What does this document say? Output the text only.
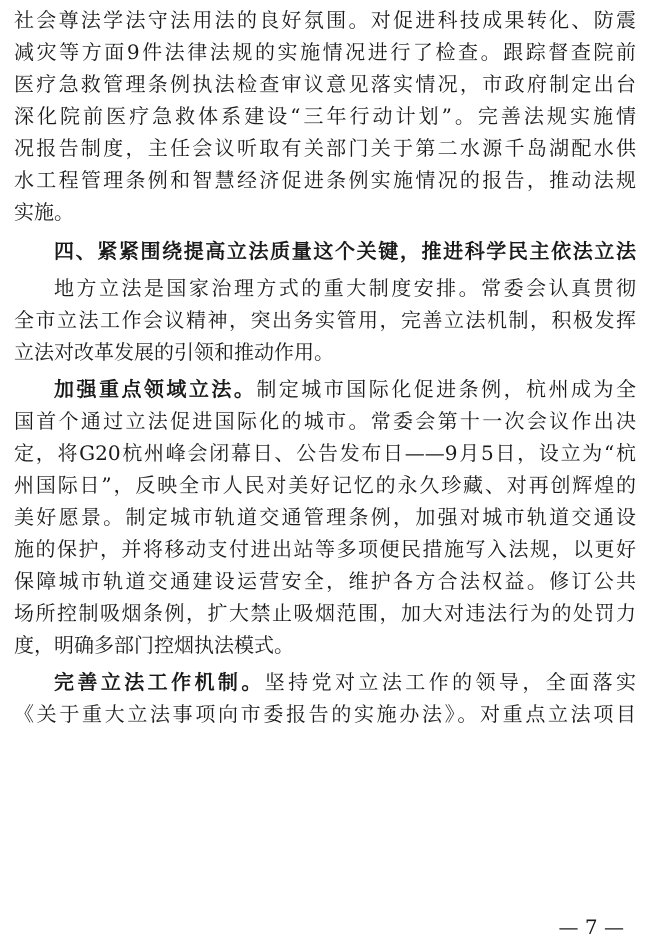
社会尊法学法守法用法的良好氛围。对促进科技成果转化、防震
减灾等方面9件法律法规的实施情况进行了检查。跟踪督查院前
医疗急救管理条例执法检查审议意见落实情况，市政府制定出台
深化院前医疗急救体系建设“三年行动计划”。完善法规实施情
况报告制度，主任会议听取有关部门关于第二水源千岛湖配水供
水工程管理条例和智慧经济促进条例实施情况的报告，推动法规
实施。
四、紧紧围绕提高立法质量这个关键，推进科学民主依法立法
地方立法是国家治理方式的重大制度安排。常委会认真贯彻
全市立法工作会议精神，突出务实管用，完善立法机制，积极发挥
立法对改革发展的引领和推动作用。
加强重点领域立法。制定城市国际化促进条例，杭州成为全
国首个通过立法促进国际化的城市。常委会第十一次会议作出决
定，将G20杭州峰会闭幕日、公告发布日——9月5日，设立为“杭
州国际日”，反映全市人民对美好记忆的永久珍藏、对再创辉煌的
美好愿景。制定城市轨道交通管理条例，加强对城市轨道交通设
施的保护，并将移动支付进出站等多项便民措施写入法规，以更好
保障城市轨道交通建设运营安全，维护各方合法权益。修订公共
场所控制吸烟条例，扩大禁止吸烟范围，加大对违法行为的处罚力
度，明确多部门控烟执法模式。
完善立法工作机制。坚持党对立法工作的领导，全面落实
《关于重大立法事项向市委报告的实施办法》。对重点立法项目
— 7 —
